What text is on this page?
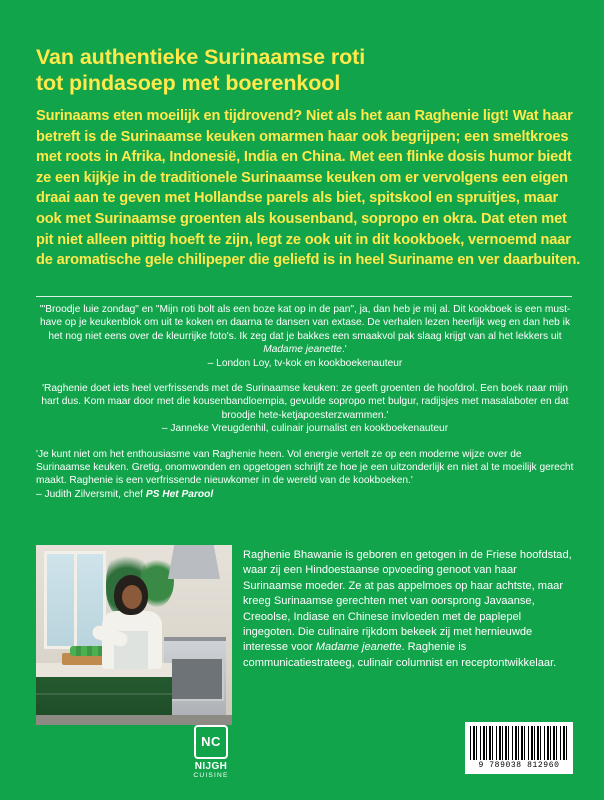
Van authentieke Surinaamse roti
tot pindasoep met boerenkool
Surinaams eten moeilijk en tijdrovend? Niet als het aan Raghenie ligt! Wat haar betreft is de Surinaamse keuken omarmen haar ook begrijpen; een smeltkroes met roots in Afrika, Indonesië, India en China. Met een flinke dosis humor biedt ze een kijkje in de traditionele Surinaamse keuken om er vervolgens een eigen draai aan te geven met Hollandse parels als biet, spitskool en spruitjes, maar ook met Surinaamse groenten als kousenband, sopropo en okra. Dat eten met pit niet alleen pittig hoeft te zijn, legt ze ook uit in dit kookboek, vernoemd naar de aromatische gele chilipeper die geliefd is in heel Suriname en ver daarbuiten.
'"Broodje luie zondag" en "Mijn roti bolt als een boze kat op in de pan", ja, dan heb je mij al. Dit kookboek is een must-have op je keukenblok om uit te koken en daarna te dansen van extase. De verhalen lezen heerlijk weg en dan heb ik het nog niet eens over de kleurrijke foto's. Ik zeg dat je bakkes een smaakvol pak slaag krijgt van al het lekkers uit Madame jeanette.'
– London Loy, tv-kok en kookboekenauteur
'Raghenie doet iets heel verfrissends met de Surinaamse keuken: ze geeft groenten de hoofdrol. Een boek naar mijn hart dus. Kom maar door met die kousenbandloempia, gevulde sopropo met bulgur, radijsjes met masalaboter en dat broodje hete-ketjapoesterzwammen.'
– Janneke Vreugdenhil, culinair journalist en kookboekenauteur
'Je kunt niet om het enthousiasme van Raghenie heen. Vol energie vertelt ze op een moderne wijze over de Surinaamse keuken. Gretig, onomwonden en opgetogen schrijft ze hoe je een uitzonderlijk en niet al te moeilijk gerecht maakt. Raghenie is een verfrissende nieuwkomer in de wereld van de kookboeken.'
– Judith Zilversmit, chef PS Het Parool
Raghenie Bhawanie is geboren en getogen in de Friese hoofdstad, waar zij een Hindoestaanse opvoeding genoot van haar Surinaamse moeder. Ze at pas appelmoes op haar achtste, maar kreeg Surinaamse gerechten met van oorsprong Javaanse, Creoolse, Indiase en Chinese invloeden met de paplepel ingegoten. Die culinaire rijkdom bekeek zij met hernieuwde interesse voor Madame jeanette. Raghenie is communicatiestrateeg, culinair columnist en receptontwikkelaar.
NC
NIJGH
CUISINE
9 789038 812960
